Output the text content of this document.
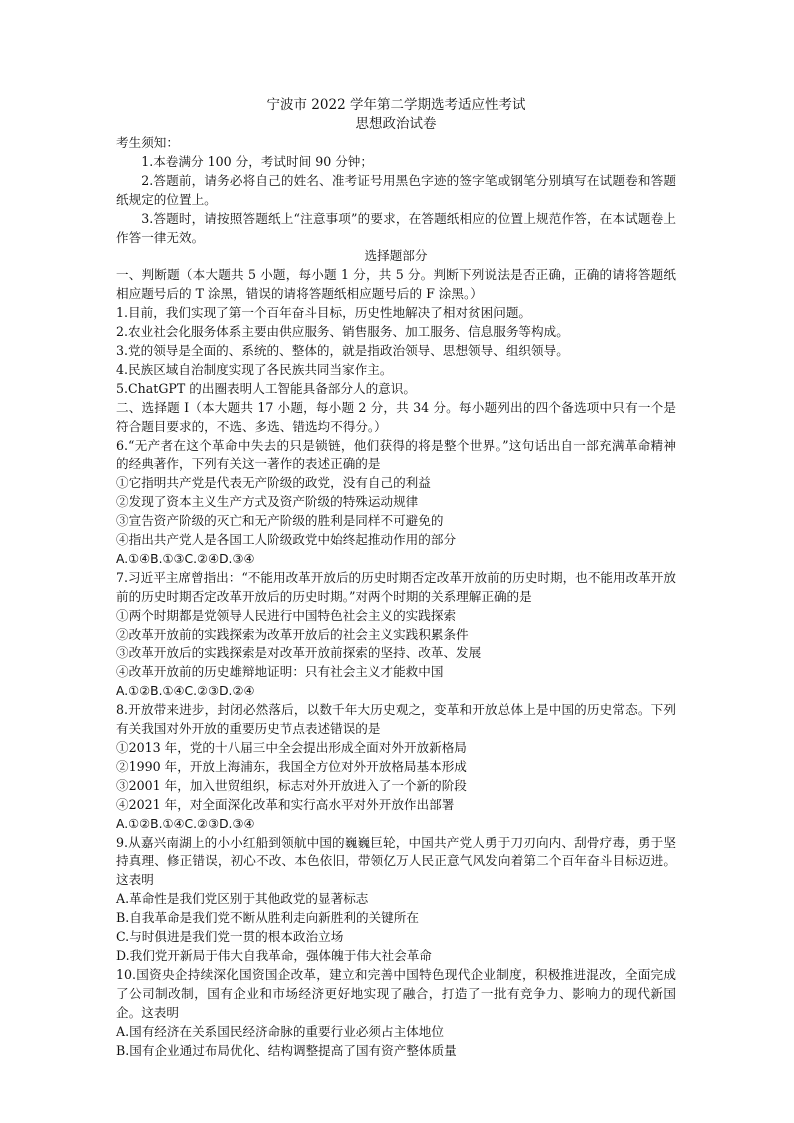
宁波市 2022 学年第二学期选考适应性考试
思想政治试卷
考生须知：
1.本卷满分 100 分，考试时间 90 分钟；
2.答题前，请务必将自己的姓名、准考证号用黑色字迹的签字笔或钢笔分别填写在试题卷和答题纸规定的位置上。
3.答题时，请按照答题纸上“注意事项”的要求，在答题纸相应的位置上规范作答，在本试题卷上作答一律无效。
选择题部分
一、判断题（本大题共 5 小题，每小题 1 分，共 5 分。判断下列说法是否正确，正确的请将答题纸相应题号后的 T 涂黑，错误的请将答题纸相应题号后的 F 涂黑。）
1.目前，我们实现了第一个百年奋斗目标，历史性地解决了相对贫困问题。
2.农业社会化服务体系主要由供应服务、销售服务、加工服务、信息服务等构成。
3.党的领导是全面的、系统的、整体的，就是指政治领导、思想领导、组织领导。
4.民族区域自治制度实现了各民族共同当家作主。
5.ChatGPT 的出圈表明人工智能具备部分人的意识。
二、选择题 I（本大题共 17 小题，每小题 2 分，共 34 分。每小题列出的四个备选项中只有一个是符合题目要求的，不选、多选、错选均不得分。）
6.“无产者在这个革命中失去的只是锁链，他们获得的将是整个世界。”这句话出自一部充满革命精神的经典著作，下列有关这一著作的表述正确的是
①它指明共产党是代表无产阶级的政党，没有自己的利益
②发现了资本主义生产方式及资产阶级的特殊运动规律
③宣告资产阶级的灭亡和无产阶级的胜利是同样不可避免的
④指出共产党人是各国工人阶级政党中始终起推动作用的部分
A.①④B.①③C.②④D.③④
7.习近平主席曾指出：“不能用改革开放后的历史时期否定改革开放前的历史时期，也不能用改革开放前的历史时期否定改革开放后的历史时期。”对两个时期的关系理解正确的是
①两个时期都是党领导人民进行中国特色社会主义的实践探索
②改革开放前的实践探索为改革开放后的社会主义实践积累条件
③改革开放后的实践探索是对改革开放前探索的坚持、改革、发展
④改革开放前的历史雄辩地证明：只有社会主义才能救中国
A.①②B.①④C.②③D.②④
8.开放带来进步，封闭必然落后，以数千年大历史观之，变革和开放总体上是中国的历史常态。下列有关我国对外开放的重要历史节点表述错误的是
①2013 年，党的十八届三中全会提出形成全面对外开放新格局
②1990 年，开放上海浦东，我国全方位对外开放格局基本形成
③2001 年，加入世贸组织，标志对外开放进入了一个新的阶段
④2021 年，对全面深化改革和实行高水平对外开放作出部署
A.①②B.①④C.②③D.③④
9.从嘉兴南湖上的小小红船到领航中国的巍巍巨轮，中国共产党人勇于刀刃向内、刮骨疗毒，勇于坚持真理、修正错误，初心不改、本色依旧，带领亿万人民正意气风发向着第二个百年奋斗目标迈进。这表明
A.革命性是我们党区别于其他政党的显著标志
B.自我革命是我们党不断从胜利走向新胜利的关键所在
C.与时俱进是我们党一贯的根本政治立场
D.我们党开新局于伟大自我革命，强体魄于伟大社会革命
10.国资央企持续深化国资国企改革，建立和完善中国特色现代企业制度，积极推进混改，全面完成了公司制改制，国有企业和市场经济更好地实现了融合，打造了一批有竞争力、影响力的现代新国企。这表明
A.国有经济在关系国民经济命脉的重要行业必须占主体地位
B.国有企业通过布局优化、结构调整提高了国有资产整体质量
